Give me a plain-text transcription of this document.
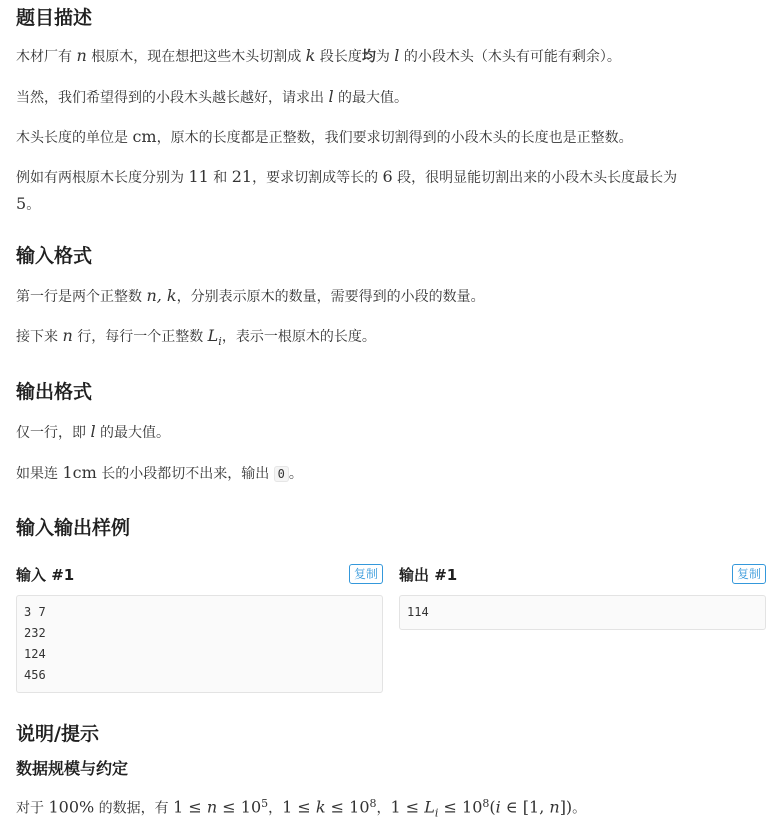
题目描述

木材厂有 n 根原木，现在想把这些木头切割成 k 段长度均为 l 的小段木头（木头有可能有剩余）。

当然，我们希望得到的小段木头越长越好，请求出 l 的最大值。

木头长度的单位是 cm，原木的长度都是正整数，我们要求切割得到的小段木头的长度也是正整数。

例如有两根原木长度分别为 11 和 21，要求切割成等长的 6 段，很明显能切割出来的小段木头长度最长为
5。

输入格式

第一行是两个正整数 n, k，分别表示原木的数量，需要得到的小段的数量。

接下来 n 行，每行一个正整数 $L_i$，表示一根原木的长度。

输出格式

仅一行，即 l 的最大值。

如果连 1cm 长的小段都切不出来，输出 0 。

输入输出样例
输入 #1	复制
3 7
232
124
456
输出 #1	复制
114
说明/提示
数据规模与约定

对于 100% 的数据，有 $1 \le n \le 10^5$，$1 \le k \le 10^8$，$1 \le L_i \le 10^8(i$ ∈ [1, n])。
